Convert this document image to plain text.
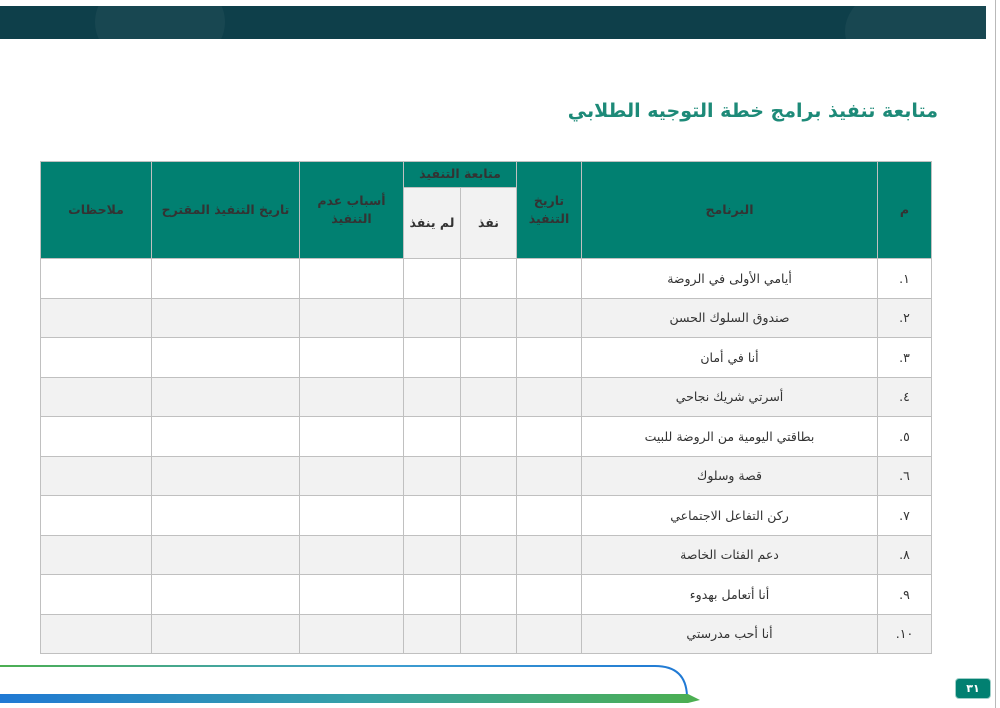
متابعة تنفيذ برامج خطة التوجيه الطلابي
م	البرنامج	تاريخ التنفيذ	متابعة التنفيذ		أسباب عدم التنفيذ	تاريخ التنفيذ المقترح	ملاحظات
			نفذ	لم ينفذ			
١.	أيامي الأولى في الروضة						
٢.	صندوق السلوك الحسن						
٣.	أنا في أمان						
٤.	أسرتي شريك نجاحي						
٥.	بطاقتي اليومية من الروضة للبيت						
٦.	قصة وسلوك						
٧.	ركن التفاعل الاجتماعي						
٨.	دعم الفئات الخاصة						
٩.	أنا أتعامل بهدوء						
١٠.	أنا أحب مدرستي						
٣١
